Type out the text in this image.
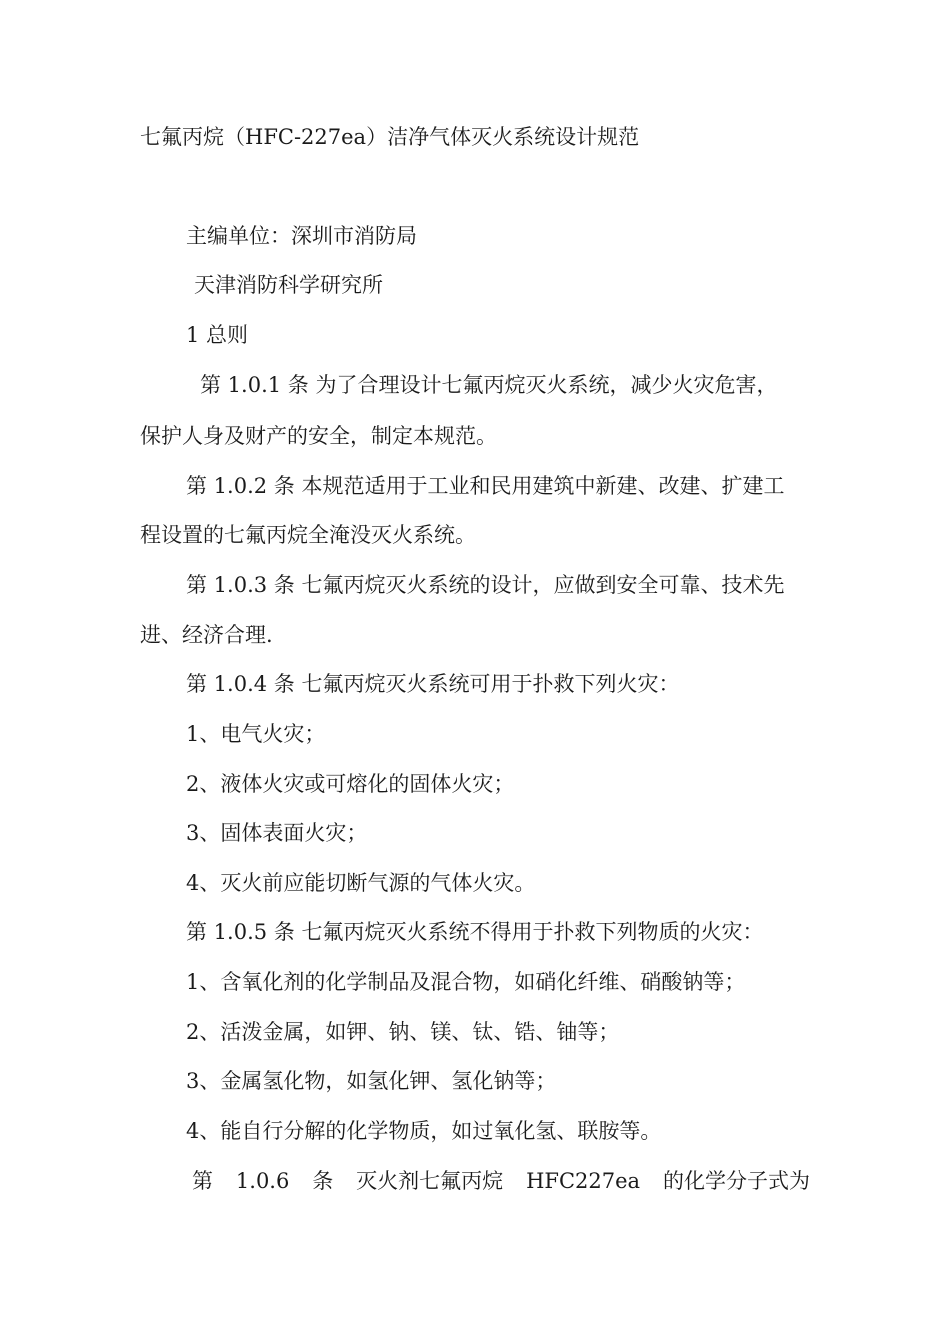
七氟丙烷（HFC-227ea）洁净气体灭火系统设计规范
主编单位：深圳市消防局
天津消防科学研究所
1 总则
第 1.0.1 条 为了合理设计七氟丙烷灭火系统，减少火灾危害，
保护人身及财产的安全，制定本规范。
第 1.0.2 条 本规范适用于工业和民用建筑中新建、改建、扩建工
程设置的七氟丙烷全淹没灭火系统。
第 1.0.3 条 七氟丙烷灭火系统的设计，应做到安全可靠、技术先
进、经济合理.
第 1.0.4 条 七氟丙烷灭火系统可用于扑救下列火灾：
1、电气火灾；
2、液体火灾或可熔化的固体火灾；
3、固体表面火灾；
4、灭火前应能切断气源的气体火灾。
第 1.0.5 条 七氟丙烷灭火系统不得用于扑救下列物质的火灾：
1、含氧化剂的化学制品及混合物，如硝化纤维、硝酸钠等；
2、活泼金属，如钾、钠、镁、钛、锆、铀等；
3、金属氢化物，如氢化钾、氢化钠等；
4、能自行分解的化学物质，如过氧化氢、联胺等。
第 1.0.6 条 灭火剂七氟丙烷 HFC227ea 的化学分子式为
